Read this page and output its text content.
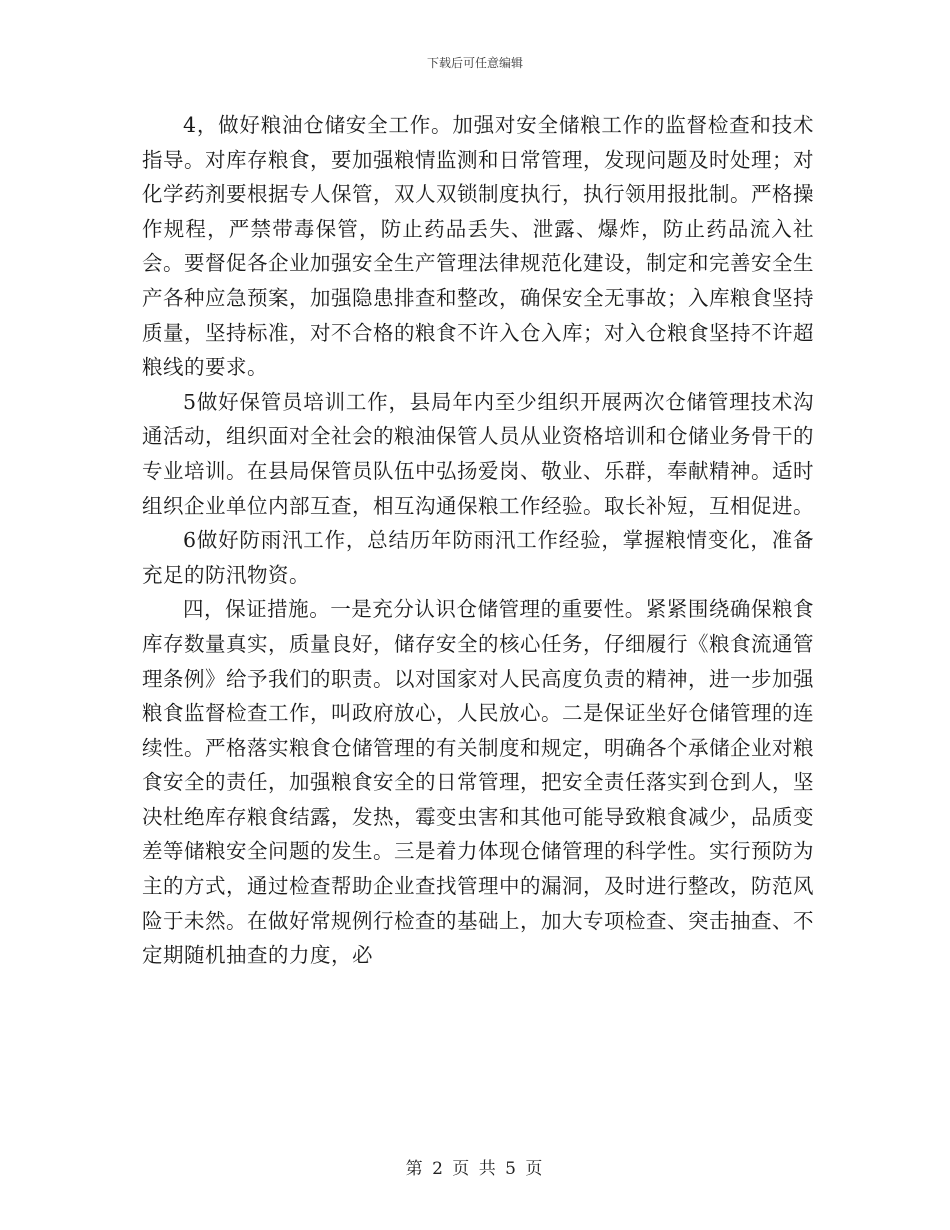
下载后可任意编辑

4，做好粮油仓储安全工作。加强对安全储粮工作的监督检查和技术指导。对库存粮食，要加强粮情监测和日常管理，发现问题及时处理；对化学药剂要根据专人保管，双人双锁制度执行，执行领用报批制。严格操作规程，严禁带毒保管，防止药品丢失、泄露、爆炸，防止药品流入社会。要督促各企业加强安全生产管理法律规范化建设，制定和完善安全生产各种应急预案，加强隐患排查和整改，确保安全无事故；入库粮食坚持质量，坚持标准，对不合格的粮食不许入仓入库；对入仓粮食坚持不许超粮线的要求。

5做好保管员培训工作，县局年内至少组织开展两次仓储管理技术沟通活动，组织面对全社会的粮油保管人员从业资格培训和仓储业务骨干的专业培训。在县局保管员队伍中弘扬爱岗、敬业、乐群，奉献精神。适时组织企业单位内部互查，相互沟通保粮工作经验。取长补短，互相促进。

6做好防雨汛工作，总结历年防雨汛工作经验，掌握粮情变化，准备充足的防汛物资。

四，保证措施。一是充分认识仓储管理的重要性。紧紧围绕确保粮食库存数量真实，质量良好，储存安全的核心任务，仔细履行《粮食流通管理条例》给予我们的职责。以对国家对人民高度负责的精神，进一步加强粮食监督检查工作，叫政府放心，人民放心。二是保证坐好仓储管理的连续性。严格落实粮食仓储管理的有关制度和规定，明确各个承储企业对粮食安全的责任，加强粮食安全的日常管理，把安全责任落实到仓到人，坚决杜绝库存粮食结露，发热，霉变虫害和其他可能导致粮食减少，品质变差等储粮安全问题的发生。三是着力体现仓储管理的科学性。实行预防为主的方式，通过检查帮助企业查找管理中的漏洞，及时进行整改，防范风险于未然。在做好常规例行检查的基础上，加大专项检查、突击抽查、不定期随机抽查的力度，必

第 2 页 共 5 页
